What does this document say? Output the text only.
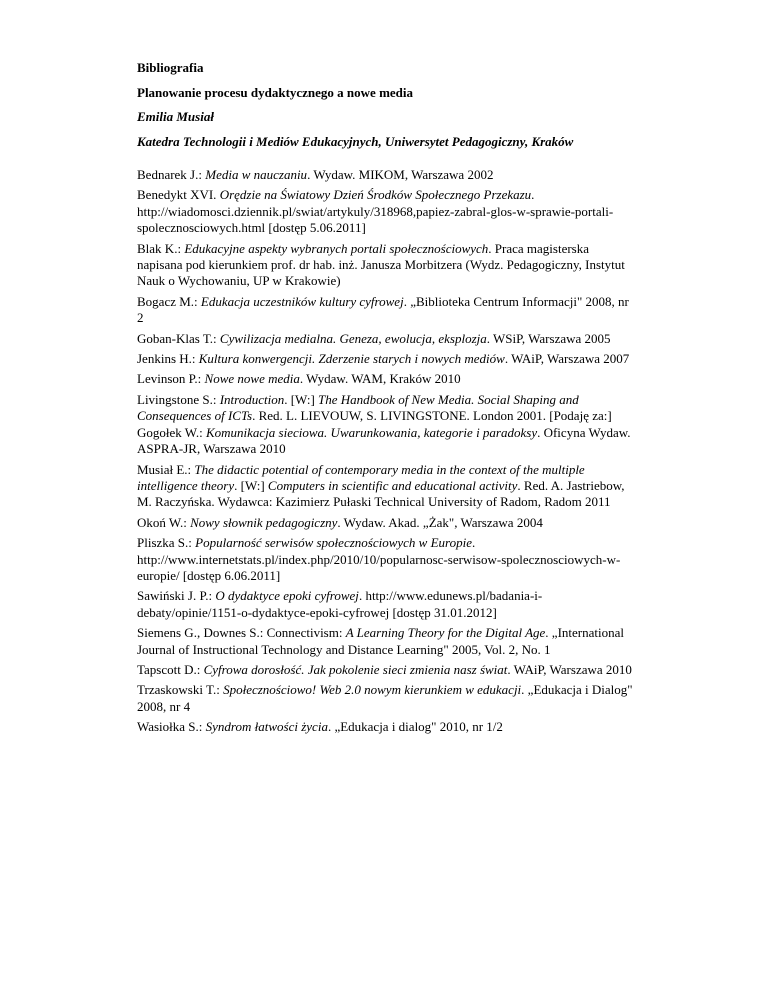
Bibliografia
Planowanie procesu dydaktycznego a nowe media
Emilia Musiał
Katedra Technologii i Mediów Edukacyjnych, Uniwersytet Pedagogiczny, Kraków
Bednarek J.: Media w nauczaniu. Wydaw. MIKOM, Warszawa 2002
Benedykt XVI. Orędzie na Światowy Dzień Środków Społecznego Przekazu. http://wiadomosci.dziennik.pl/swiat/artykuly/318968,papiez-zabral-glos-w-sprawie-portali-spolecznosciowych.html [dostęp 5.06.2011]
Blak K.: Edukacyjne aspekty wybranych portali społecznościowych. Praca magisterska napisana pod kierunkiem prof. dr hab. inż. Janusza Morbitzera (Wydz. Pedagogiczny, Instytut Nauk o Wychowaniu, UP w Krakowie)
Bogacz M.: Edukacja uczestników kultury cyfrowej. „Biblioteka Centrum Informacji" 2008, nr 2
Goban-Klas T.: Cywilizacja medialna. Geneza, ewolucja, eksplozja. WSiP, Warszawa 2005
Jenkins H.: Kultura konwergencji. Zderzenie starych i nowych mediów. WAiP, Warszawa 2007
Levinson P.: Nowe nowe media. Wydaw. WAM, Kraków 2010
Livingstone S.: Introduction. [W:] The Handbook of New Media. Social Shaping and Consequences of ICTs. Red. L. LIEVOUW, S. LIVINGSTONE. London 2001. [Podaję za:] Gogołek W.: Komunikacja sieciowa. Uwarunkowania, kategorie i paradoksy. Oficyna Wydaw. ASPRA-JR, Warszawa 2010
Musiał E.: The didactic potential of contemporary media in the context of the multiple intelligence theory. [W:] Computers in scientific and educational activity. Red. A. Jastriebow, M. Raczyńska. Wydawca: Kazimierz Pułaski Technical University of Radom, Radom 2011
Okoń W.: Nowy słownik pedagogiczny. Wydaw. Akad. „Żak", Warszawa 2004
Pliszka S.: Popularność serwisów społecznościowych w Europie. http://www.internetstats.pl/index.php/2010/10/popularnosc-serwisow-spolecznosciowych-w-europie/ [dostęp 6.06.2011]
Sawiński J. P.: O dydaktyce epoki cyfrowej. http://www.edunews.pl/badania-i-debaty/opinie/1151-o-dydaktyce-epoki-cyfrowej [dostęp 31.01.2012]
Siemens G., Downes S.: Connectivism: A Learning Theory for the Digital Age. „International Journal of Instructional Technology and Distance Learning" 2005, Vol. 2, No. 1
Tapscott D.: Cyfrowa dorosłość. Jak pokolenie sieci zmienia nasz świat. WAiP, Warszawa 2010
Trzaskowski T.: Społecznościowo! Web 2.0 nowym kierunkiem w edukacji. „Edukacja i Dialog" 2008, nr 4
Wasiołka S.: Syndrom łatwości życia. „Edukacja i dialog" 2010, nr 1/2
